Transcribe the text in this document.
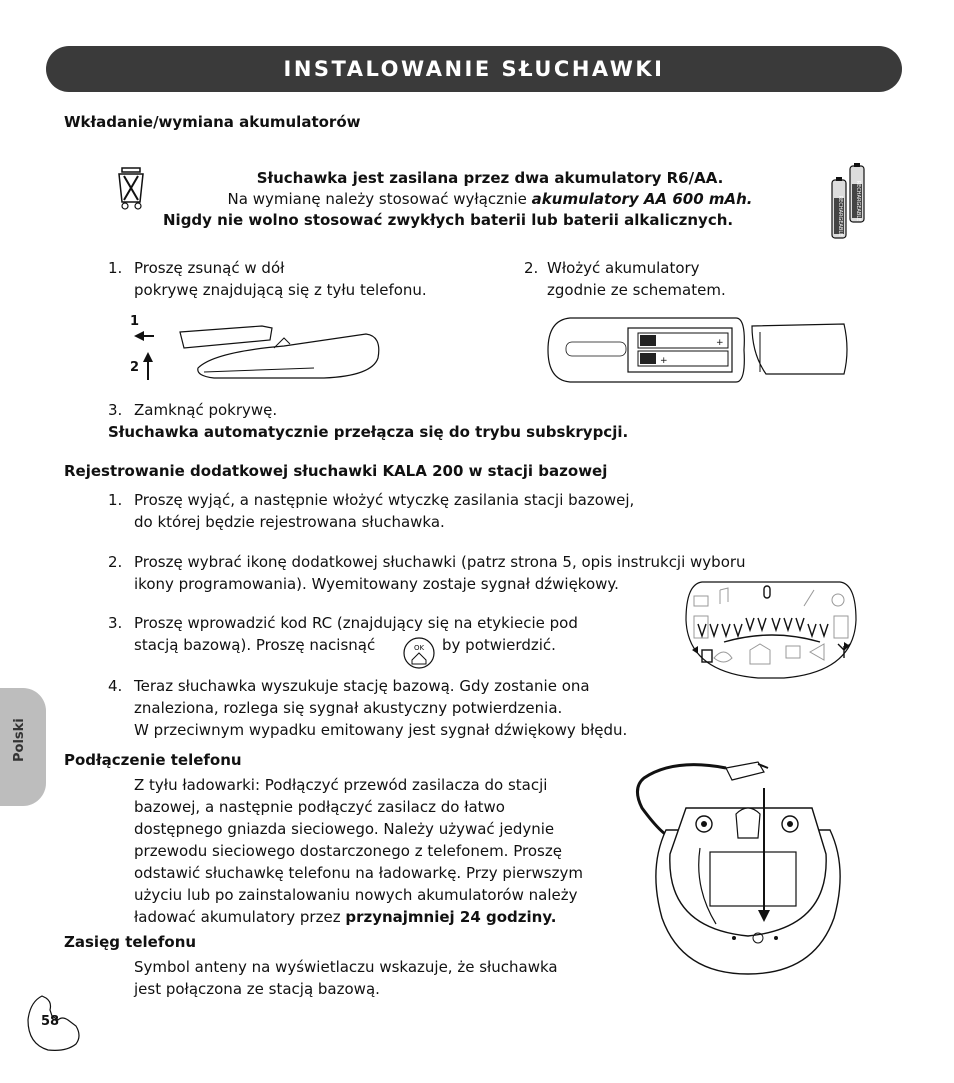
INSTALOWANIE SŁUCHAWKI
Wkładanie/wymiana akumulatorów
Słuchawka jest zasilana przez dwa akumulatory R6/AA.
Na wymianę należy stosować wyłącznie akumulatory AA 600 mAh.
Nigdy nie wolno stosować zwykłych baterii lub baterii alkalicznych.	RECHARGEABLE
RECHARGEABLE
1. Proszę zsunąć w dół
pokrywę znajdującą się z tyłu telefonu.
2. Włożyć akumulatory
zgodnie ze schematem.
1
2
+
+
3. Zamknąć pokrywę.
Słuchawka automatycznie przełącza się do trybu subskrypcji.
Rejestrowanie dodatkowej słuchawki KALA 200 w stacji bazowej
1. Proszę wyjąć, a następnie włożyć wtyczkę zasilania stacji bazowej,
do której będzie rejestrowana słuchawka.
2. Proszę wybrać ikonę dodatkowej słuchawki (patrz strona 5, opis instrukcji wyboru
ikony programowania). Wyemitowany zostaje sygnał dźwiękowy.
3. Proszę wprowadzić kod RC (znajdujący się na etykiecie pod
stacją bazową). Proszę nacisnąć	OK by potwierdzić.
4. Teraz słuchawka wyszukuje stację bazową. Gdy zostanie ona
znaleziona, rozlega się sygnał akustyczny potwierdzenia.
W przeciwnym wypadku emitowany jest sygnał dźwiękowy błędu.
Podłączenie telefonu
Z tyłu ładowarki: Podłączyć przewód zasilacza do stacji
bazowej, a następnie podłączyć zasilacz do łatwo
dostępnego gniazda sieciowego. Należy używać jedynie
przewodu sieciowego dostarczonego z telefonem. Proszę
odstawić słuchawkę telefonu na ładowarkę. Przy pierwszym
użyciu lub po zainstalowaniu nowych akumulatorów należy
ładować akumulatory przez przynajmniej 24 godziny.
Zasięg telefonu
Symbol anteny na wyświetlaczu wskazuje, że słuchawka
jest połączona ze stacją bazową.
Polski
58
